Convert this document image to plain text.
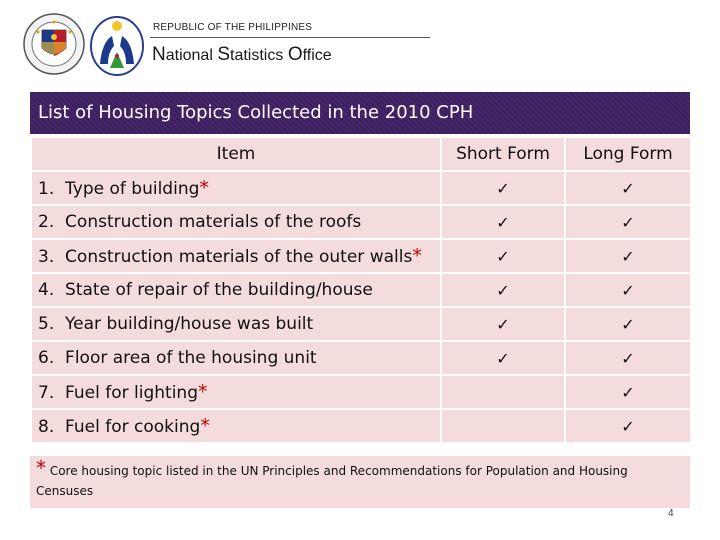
REPUBLIC OF THE PHILIPPINES
National Statistics Office
List of Housing Topics Collected in the 2010 CPH
Item	Short Form	Long Form
1. Type of building*	✓	✓
2. Construction materials of the roofs	✓	✓
3. Construction materials of the outer walls*	✓	✓
4. State of repair of the building/house	✓	✓
5. Year building/house was built	✓	✓
6. Floor area of the housing unit	✓	✓
7. Fuel for lighting*		✓
8. Fuel for cooking*		✓
* Core housing topic listed in the UN Principles and Recommendations for Population and Housing Censuses
4
